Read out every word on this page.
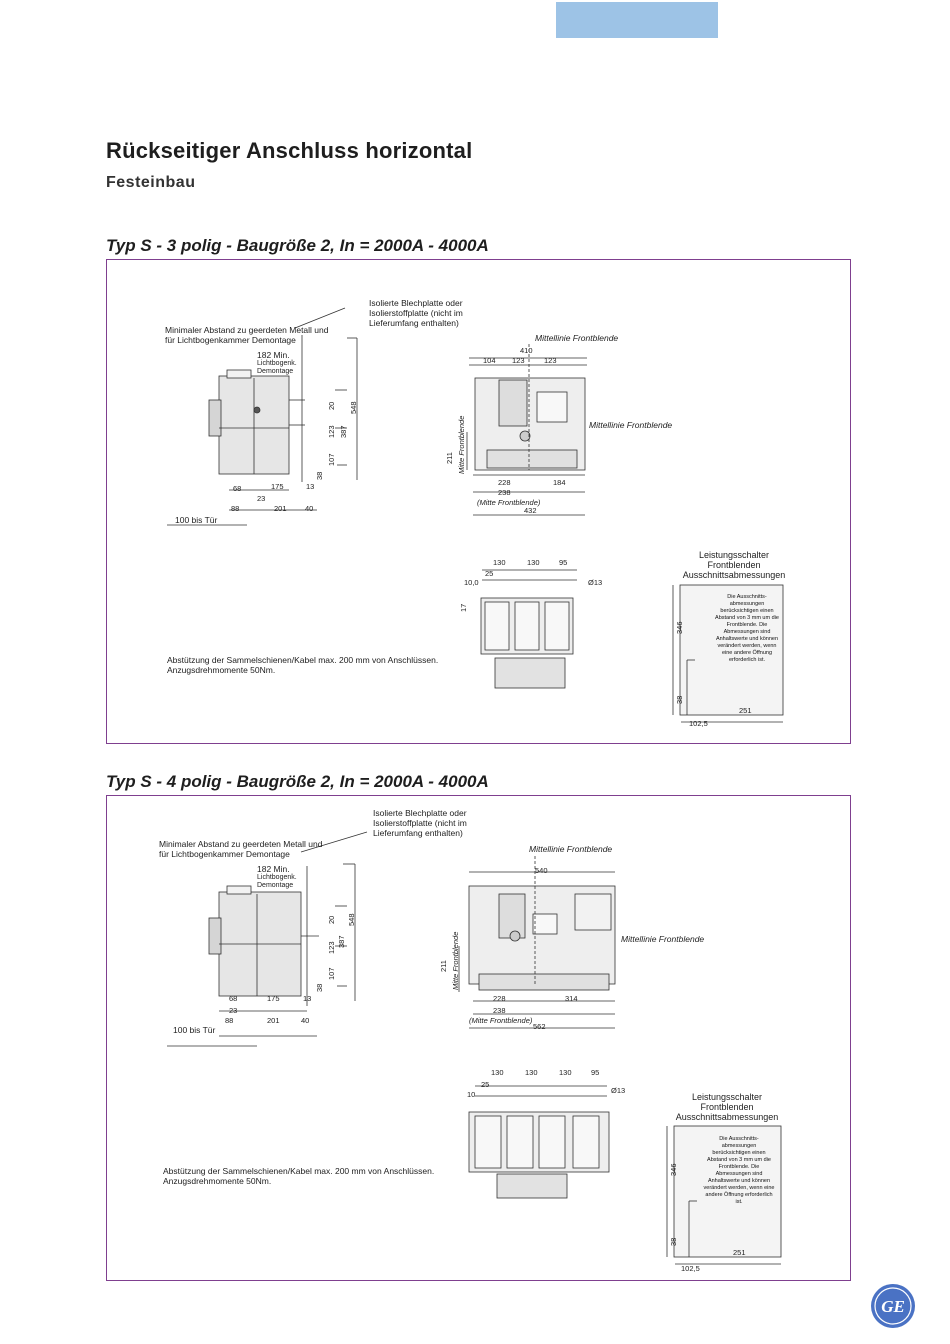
Rückseitiger Anschluss horizontal
Festeinbau
Typ S - 3 polig - Baugröße 2, In = 2000A - 4000A
Isolierte Blechplatte oder Isolierstoffplatte (nicht im Lieferumfang enthalten)
Minimaler Abstand zu geerdeten Metall und für Lichtbogenkammer Demontage
182 Min.
Lichtbogenk. Demontage
100 bis Tür
68
23
88	201 40
175	13
548
387
20
123
107
38
Mittellinie Frontblende
Mittellinie Frontblende
410
104 123	123
211 Mitte Frontblende
228	184
238
(Mitte Frontblende)
432
130	130	95
25
10,0
17
Ø13
Abstützung der Sammelschienen/Kabel max. 200 mm von Anschlüssen. Anzugsdrehmomente 50Nm.
Leistungsschalter Frontblenden Ausschnittsabmessungen
Die Ausschnitts-abmessungen berücksichtigen einen Abstand von 3 mm um die Frontblende. Die Abmessungen sind Anhaltswerte und können verändert werden, wenn eine andere Öffnung erforderlich ist.
346
38
251
102,5
Typ S - 4 polig - Baugröße 2, In = 2000A - 4000A
Isolierte Blechplatte oder Isolierstoffplatte (nicht im Lieferumfang enthalten)
Minimaler Abstand zu geerdeten Metall und für Lichtbogenkammer Demontage
182 Min.
Lichtbogenk. Demontage
100 bis Tür
68
23
88	201	40
175	13
548
387
20
123
107
38
Mittellinie Frontblende
Mittellinie Frontblende
540
211 Mitte Frontblende
228	314
238
(Mitte Frontblende)
562
130	130	130	95
25
10	Ø13
Abstützung der Sammelschienen/Kabel max. 200 mm von Anschlüssen. Anzugsdrehmomente 50Nm.
Leistungsschalter Frontblenden Ausschnittsabmessungen
Die Ausschnitts-abmessungen berücksichtigen einen Abstand von 3 mm um die Frontblende. Die Abmessungen sind Anhaltswerte und können verändert werden, wenn eine andere Öffnung erforderlich ist.
346
38
251
102,5
GE
